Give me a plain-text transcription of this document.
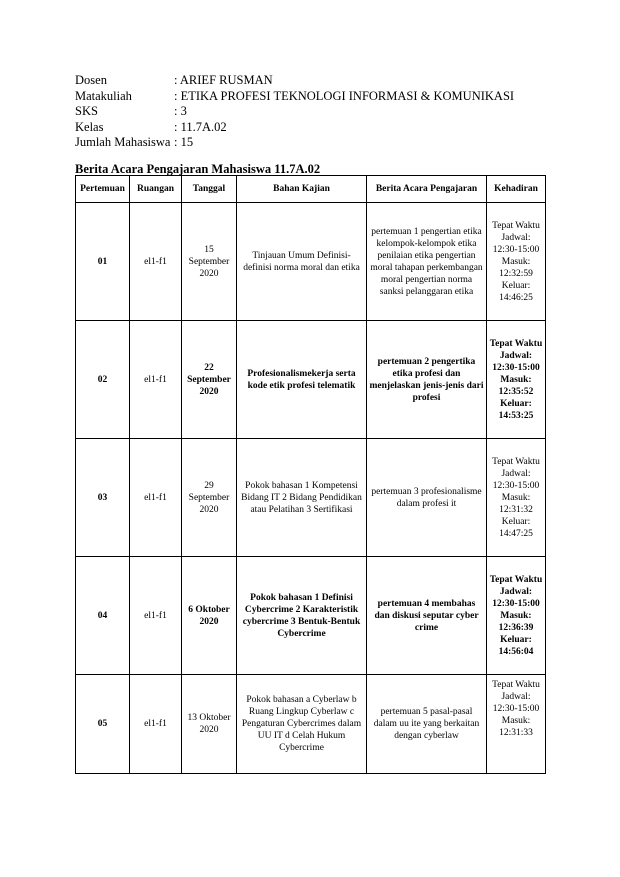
Dosen	: ARIEF RUSMAN
Matakuliah	: ETIKA PROFESI TEKNOLOGI INFORMASI & KOMUNIKASI
SKS	: 3
Kelas	: 11.7A.02
Jumlah Mahasiswa : 15
Berita Acara Pengajaran Mahasiswa 11.7A.02
Pertemuan	Ruangan	Tanggal	Bahan Kajian	Berita Acara Pengajaran	Kehadiran
01	el1-f1	15 September 2020	Tinjauan Umum Definisi-definisi norma moral dan etika	pertemuan 1 pengertian etika kelompok-kelompok etika penilaian etika pengertian moral tahapan perkembangan moral pengertian norma sanksi pelanggaran etika	Tepat Waktu Jadwal: 12:30-15:00 Masuk: 12:32:59 Keluar: 14:46:25
02	el1-f1	22 September 2020	Profesionalismekerja serta kode etik profesi telematik	pertemuan 2 pengertika etika profesi dan menjelaskan jenis-jenis dari profesi	Tepat Waktu Jadwal: 12:30-15:00 Masuk: 12:35:52 Keluar: 14:53:25
03	el1-f1	29 September 2020	Pokok bahasan 1 Kompetensi Bidang IT 2 Bidang Pendidikan atau Pelatihan 3 Sertifikasi	pertemuan 3 profesionalisme dalam profesi it	Tepat Waktu Jadwal: 12:30-15:00 Masuk: 12:31:32 Keluar: 14:47:25
04	el1-f1	6 Oktober 2020	Pokok bahasan 1 Definisi Cybercrime 2 Karakteristik cybercrime 3 Bentuk-Bentuk Cybercrime	pertemuan 4 membahas dan diskusi seputar cyber crime	Tepat Waktu Jadwal: 12:30-15:00 Masuk: 12:36:39 Keluar: 14:56:04
05	el1-f1	13 Oktober 2020	Pokok bahasan a Cyberlaw b Ruang Lingkup Cyberlaw c Pengaturan Cybercrimes dalam UU IT d Celah Hukum Cybercrime	pertemuan 5 pasal-pasal dalam uu ite yang berkaitan dengan cyberlaw	Tepat Waktu Jadwal: 12:30-15:00 Masuk: 12:31:33
